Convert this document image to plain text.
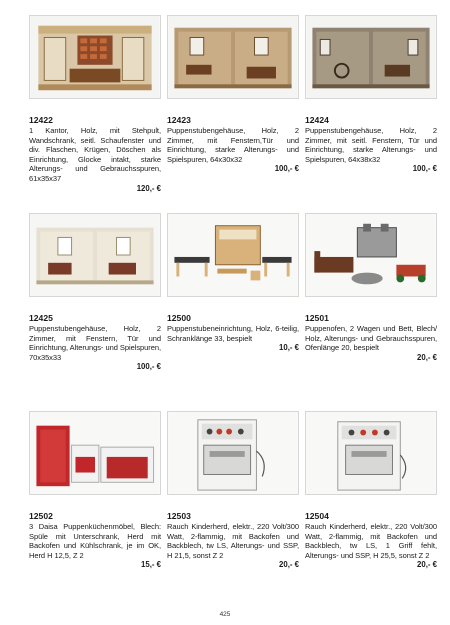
12422
1 Kantor, Holz, mit Stehpult, Wandschrank, seitl. Schaufenster und div. Flaschen, Krügen, Döschen als Einrichtung, Glocke intakt, starke Alterungs- und Gebrauchsspuren, 61x35x37
120,- €
12423
Puppenstubengehäuse, Holz, 2 Zimmer, mit Fenstern,Tür und Einrichtung, starke Alterungs- und Spielspuren, 64x30x32
100,- €
12424
Puppenstubengehäuse, Holz, 2 Zimmer, mit seitl. Fenstern, Tür und Einrichtung, starke Alterungs- und Spielspuren, 64x38x32
100,- €
12425
Puppenstubengehäuse, Holz, 2 Zimmer, mit Fenstern, Tür und Einrichtung, Alterungs- und Spielspuren, 70x35x33
100,- €
12500
Puppenstubeneinrichtung, Holz, 6-teilig, Schranklänge 33, bespielt
10,- €
12501
Puppenofen, 2 Wagen und Bett, Blech/ Holz, Alterungs- und Gebrauchsspuren, Ofenlänge 20, bespielt
20,- €
12502
3 Daisa Puppenküchenmöbel, Blech: Spüle mit Unterschrank, Herd mit Backofen und Kühlschrank, je im OK, Herd H 12,5, Z 2
15,- €
12503
Rauch Kinderherd, elektr., 220 Volt/300 Watt, 2-flammig, mit Backofen und Backblech, tw LS, Alterungs- und SSP, H 21,5, sonst Z 2
20,- €
12504
Rauch Kinderherd, elektr., 220 Volt/300 Watt, 2-flammig, mit Backofen und Backblech, tw LS, 1 Griff fehlt, Alterungs- und SSP, H 25,5, sonst Z 2
20,- €
425
